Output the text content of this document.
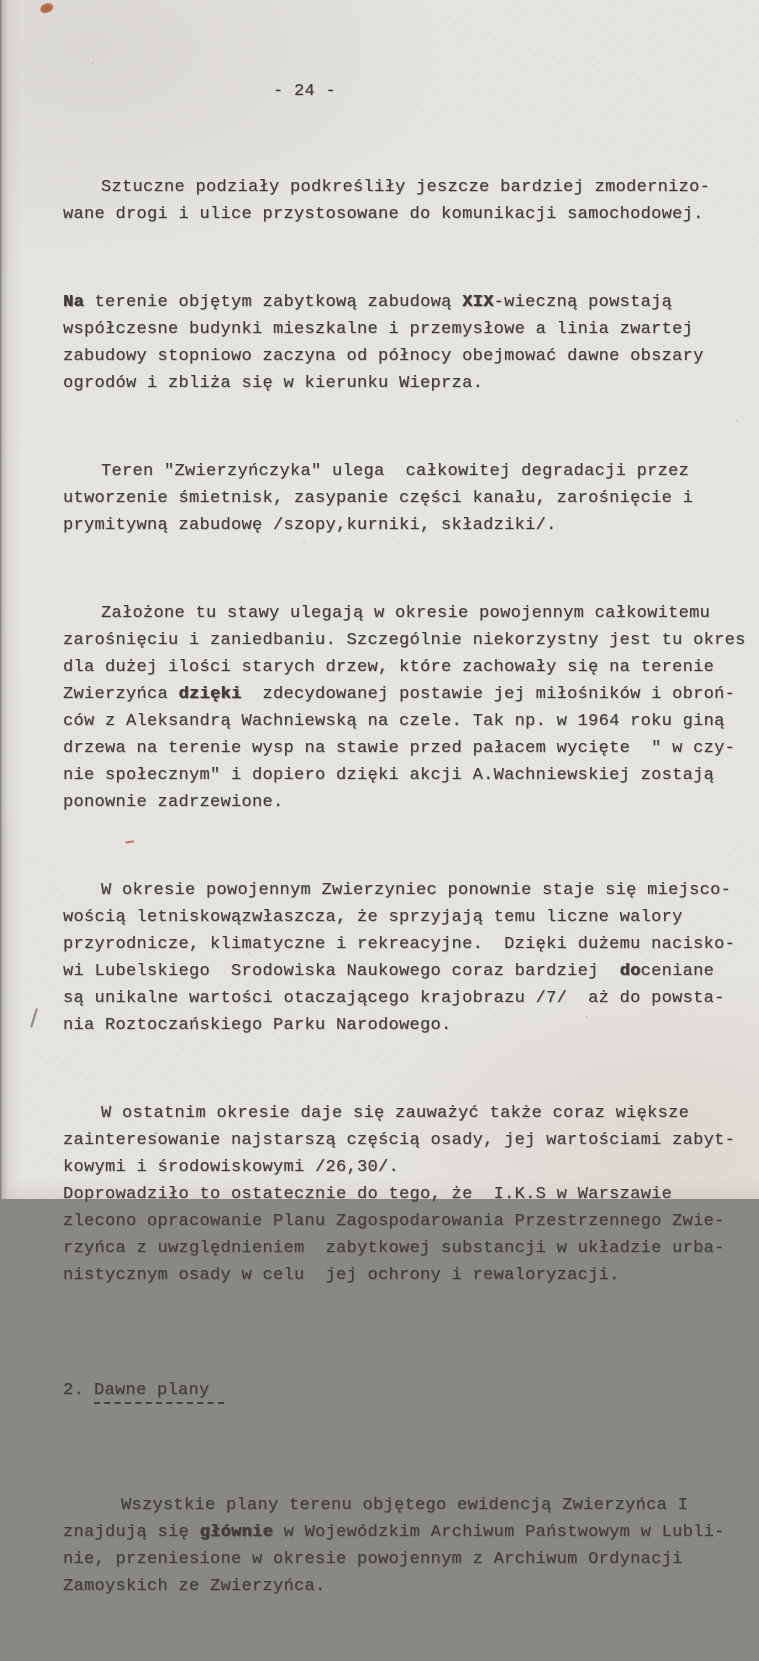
- 24 -

Sztuczne podziały podkreśliły jeszcze bardziej zmodernizo-
wane drogi i ulice przystosowane do komunikacji samochodowej.

Na terenie objętym zabytkową zabudową XIX-wieczną powstają
współczesne budynki mieszkalne i przemysłowe a linia zwartej
zabudowy stopniowo zaczyna od północy obejmować dawne obszary
ogrodów i zbliża się w kierunku Wieprza.

Teren "Zwierzyńczyka" ulega  całkowitej degradacji przez
utworzenie śmietnisk, zasypanie części kanału, zarośnięcie i
prymitywną zabudowę /szopy,kurniki, składziki/.

Założone tu stawy ulegają w okresie powojennym całkowitemu
zarośnięciu i zaniedbaniu. Szczególnie niekorzystny jest tu okres
dla dużej ilości starych drzew, które zachowały się na terenie
Zwierzyńca dzięki  zdecydowanej postawie jej miłośników i obroń-
ców z Aleksandrą Wachniewską na czele. Tak np. w 1964 roku giną
drzewa na terenie wysp na stawie przed pałacem wycięte  " w czy-
nie społecznym" i dopiero dzięki akcji A.Wachniewskiej zostają
ponownie zadrzewione.

W okresie powojennym Zwierzyniec ponownie staje się miejsco-
wością letniskowązwłaszcza, że sprzyjają temu liczne walory
przyrodnicze, klimatyczne i rekreacyjne.  Dzięki dużemu nacisko-
wi Lubelskiego  Srodowiska Naukowego coraz bardziej  doceniane
są unikalne wartości otaczającego krajobrazu /7/  aż do powsta-
nia Roztoczańskiego Parku Narodowego.

W ostatnim okresie daje się zauważyć także coraz większe
zainteresowanie najstarszą częścią osady, jej wartościami zabyt-
kowymi i środowiskowymi /26,30/.
Doprowadziło to ostatecznie do tego, że  I.K.S w Warszawie
zlecono opracowanie Planu Zagospodarowania Przestrzennego Zwie-
rzyńca z uwzględnieniem  zabytkowej substancji w układzie urba-
nistycznym osady w celu  jej ochrony i rewaloryzacji.

2. Dawne plany

Wszystkie plany terenu objętego ewidencją Zwierzyńca I
znajdują się głównie w Wojewódzkim Archiwum Państwowym w Lubli-
nie, przeniesione w okresie powojennym z Archiwum Ordynacji
Zamoyskich ze Zwierzyńca.
